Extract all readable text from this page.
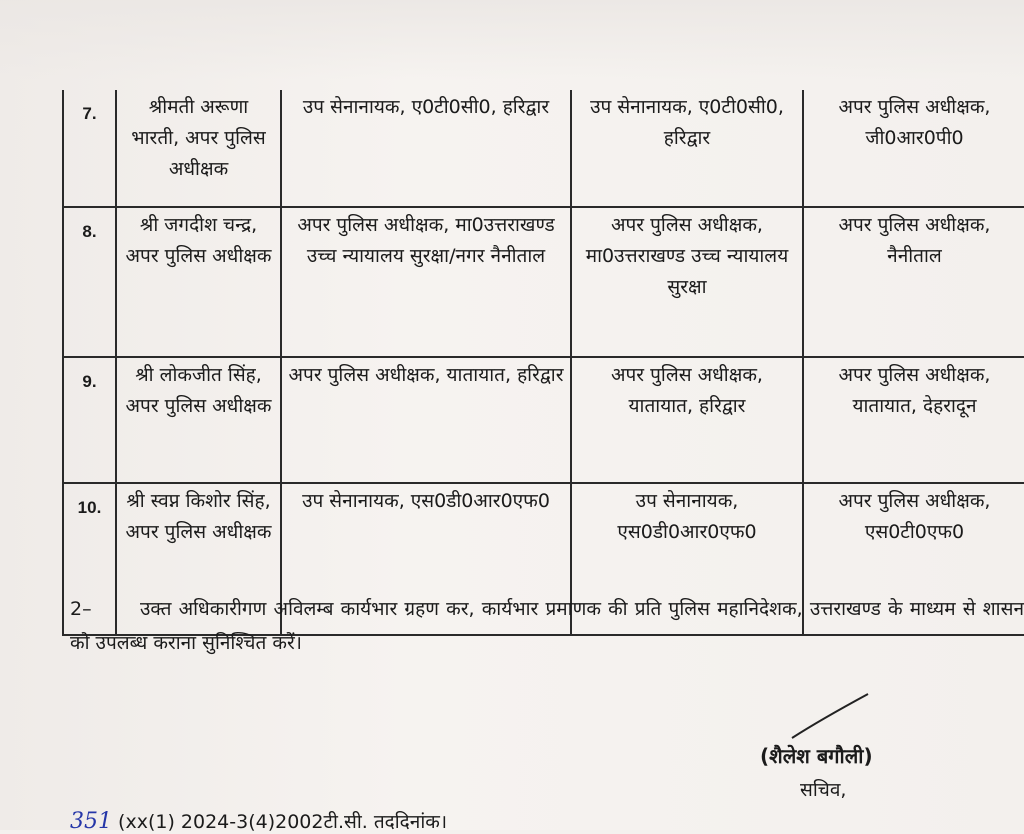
7.	श्रीमती अरूणा भारती, अपर पुलिस अधीक्षक	उप सेनानायक, ए0टी0सी0, हरिद्वार	उप सेनानायक, ए0टी0सी0, हरिद्वार	अपर पुलिस अधीक्षक, जी0आर0पी0
8.	श्री जगदीश चन्द्र, अपर पुलिस अधीक्षक	अपर पुलिस अधीक्षक, मा0उत्तराखण्ड उच्च न्यायालय सुरक्षा/नगर नैनीताल	अपर पुलिस अधीक्षक, मा0उत्तराखण्ड उच्च न्यायालय सुरक्षा	अपर पुलिस अधीक्षक, नैनीताल
9.	श्री लोकजीत सिंह, अपर पुलिस अधीक्षक	अपर पुलिस अधीक्षक, यातायात, हरिद्वार	अपर पुलिस अधीक्षक, यातायात, हरिद्वार	अपर पुलिस अधीक्षक, यातायात, देहरादून
10.	श्री स्वप्न किशोर सिंह, अपर पुलिस अधीक्षक	उप सेनानायक, एस0डी0आर0एफ0	उप सेनानायक, एस0डी0आर0एफ0	अपर पुलिस अधीक्षक, एस0टी0एफ0
2–	उक्त अधिकारीगण अविलम्ब कार्यभार ग्रहण कर, कार्यभार प्रमाणक की प्रति पुलिस महानिदेशक, उत्तराखण्ड के माध्यम से शासन को उपलब्ध कराना सुनिश्चित करें।
(शैलेश बगौली)
सचिव,
351 (xx(1) 2024-3(4)2002टी.सी. तददिनांक।
